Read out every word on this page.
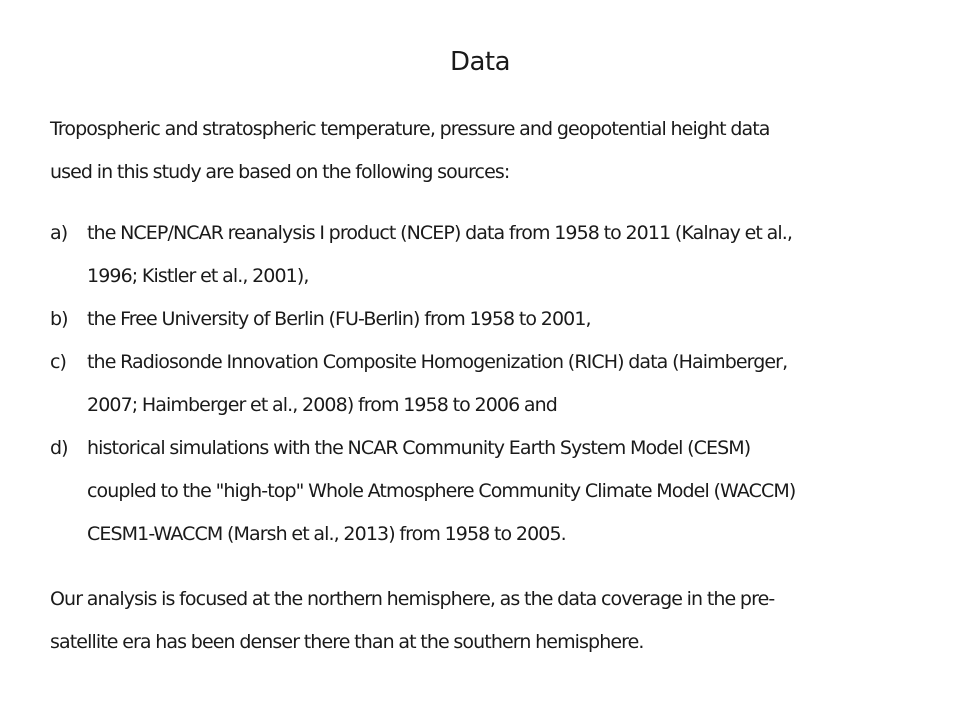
Data
Tropospheric and stratospheric temperature, pressure and geopotential height data
used in this study are based on the following sources:
a) the NCEP/NCAR reanalysis I product (NCEP) data from 1958 to 2011 (Kalnay et al.,
1996; Kistler et al., 2001),
b) the Free University of Berlin (FU-Berlin) from 1958 to 2001,
c) the Radiosonde Innovation Composite Homogenization (RICH) data (Haimberger,
2007; Haimberger et al., 2008) from 1958 to 2006 and
d) historical simulations with the NCAR Community Earth System Model (CESM)
coupled to the "high-top" Whole Atmosphere Community Climate Model (WACCM)
CESM1-WACCM (Marsh et al., 2013) from 1958 to 2005.
Our analysis is focused at the northern hemisphere, as the data coverage in the pre-
satellite era has been denser there than at the southern hemisphere.
